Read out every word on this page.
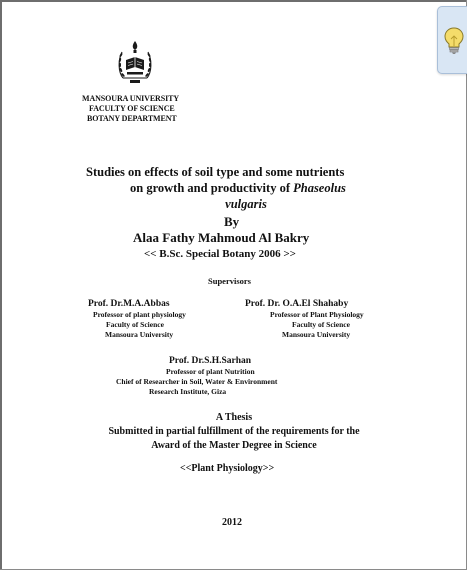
MANSOURA UNIVERSITY
FACULTY OF SCIENCE
BOTANY DEPARTMENT
Studies on effects of soil type and some nutrients
on growth and productivity of Phaseolus
vulgaris
By
Alaa Fathy Mahmoud Al Bakry
<< B.Sc. Special Botany 2006 >>
Supervisors
Prof. Dr.M.A.Abbas
Professor of plant physiology
Faculty of Science
Mansoura University
Prof. Dr. O.A.El Shahaby
Professor of Plant Physiology
Faculty of Science
Mansoura University
Prof. Dr.S.H.Sarhan
Professor of plant Nutrition
Chief of Researcher in Soil, Water & Environment
Research Institute, Giza
A Thesis
Submitted in partial fulfillment of the requirements for the
Award of the Master Degree in Science
<<Plant Physiology>>
2012
